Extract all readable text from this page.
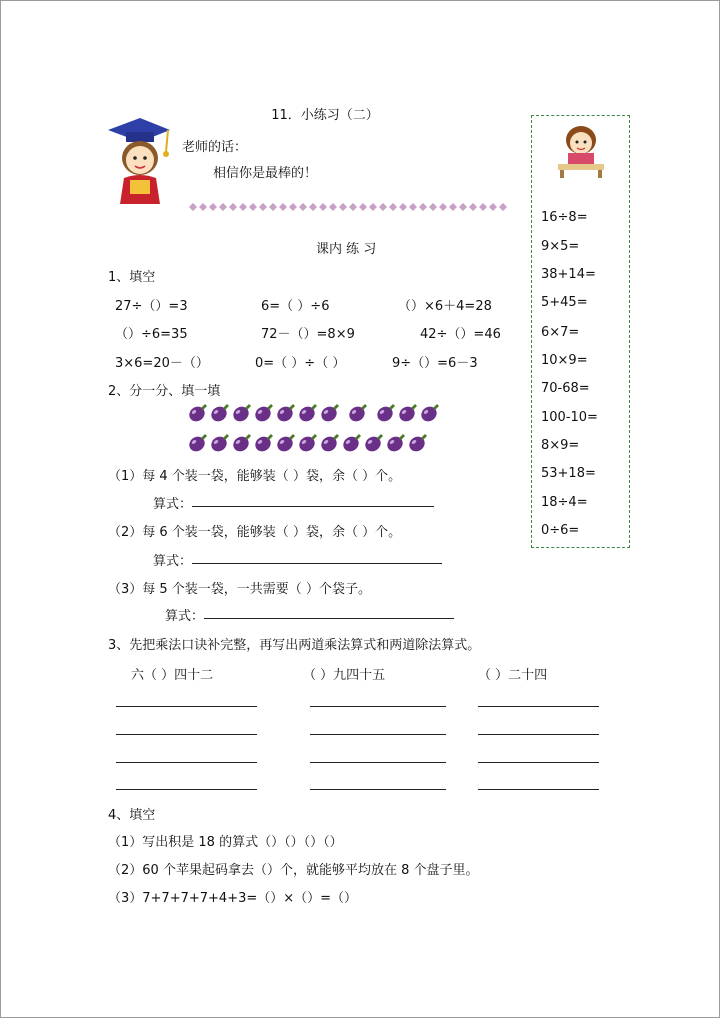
11．小练习（二）
老师的话：
相信你是最棒的！
课内 练 习
1、填空
27÷（）=3	6=（ ）÷6	（）×6＋4=28
（）÷6=35	72－（）=8×9	42÷（）=46
3×6=20－（）	0=（ ）÷（ ）	9÷（）=6－3
2、分一分、填一填
（1）每 4 个装一袋，能够装（ ）袋，余（ ）个。
算式：
（2）每 6 个装一袋，能够装（ ）袋，余（ ）个。
算式：
（3）每 5 个装一袋，一共需要（ ）个袋子。
算式：
3、先把乘法口诀补完整，再写出两道乘法算式和两道除法算式。
六（ ）四十二	（ ）九四十五	（ ）二十四
4、填空
（1）写出积是 18 的算式（）（）（）（）
（2）60 个苹果起码拿去（）个，就能够平均放在 8 个盘子里。
（3）7+7+7+7+4+3=（）×（）=（）
16÷8=
9×5=
38+14=
5+45=
6×7=
10×9=
70-68=
100-10=
8×9=
53+18=
18÷4=
0÷6=
